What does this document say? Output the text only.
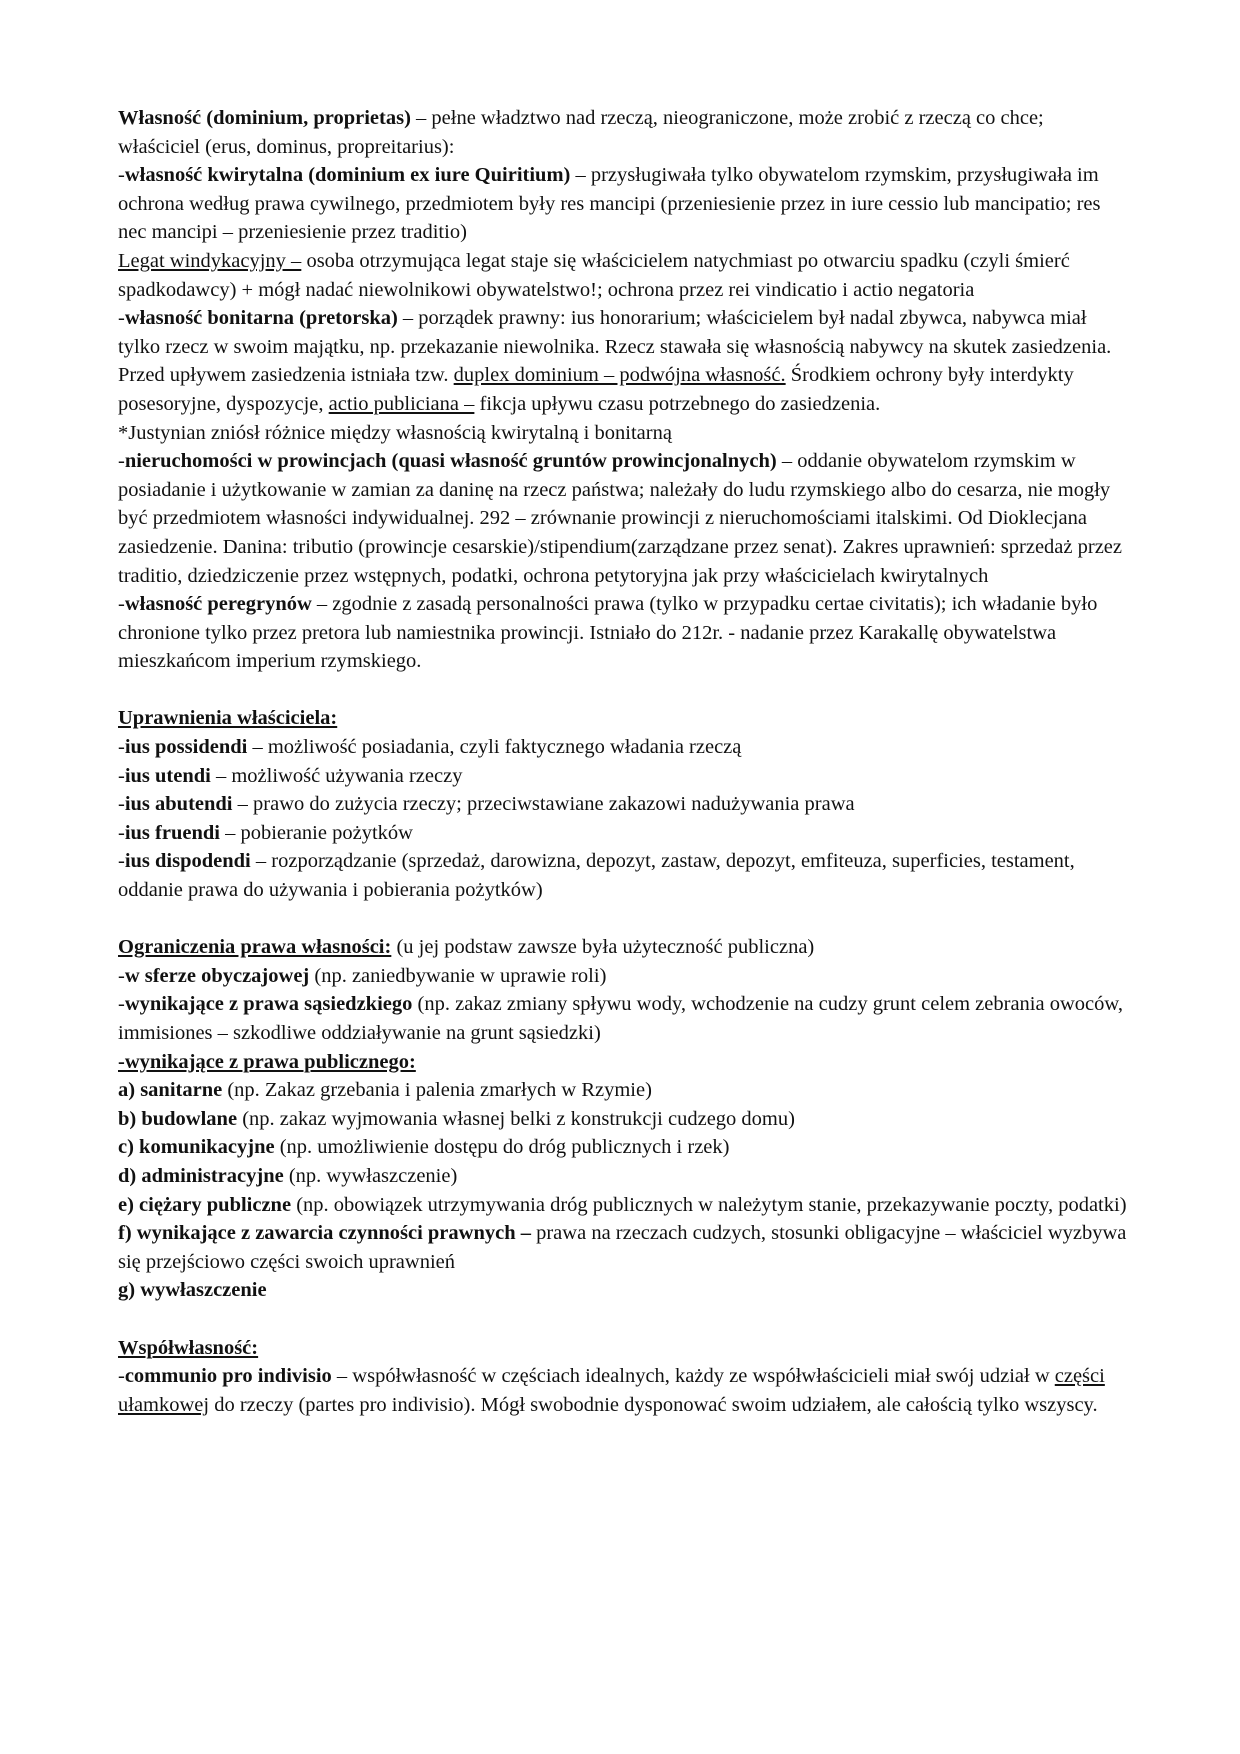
Własność (dominium, proprietas) – pełne władztwo nad rzeczą, nieograniczone, może zrobić z rzeczą co chce; właściciel (erus, dominus, propreitarius):

-własność kwirytalna (dominium ex iure Quiritium) – przysługiwała tylko obywatelom rzymskim, przysługiwała im ochrona według prawa cywilnego, przedmiotem były res mancipi (przeniesienie przez in iure cessio lub mancipatio; res nec mancipi – przeniesienie przez traditio)

Legat windykacyjny – osoba otrzymująca legat staje się właścicielem natychmiast po otwarciu spadku (czyli śmierć spadkodawcy) + mógł nadać niewolnikowi obywatelstwo!; ochrona przez rei vindicatio i actio negatoria

-własność bonitarna (pretorska) – porządek prawny: ius honorarium; właścicielem był nadal zbywca, nabywca miał tylko rzecz w swoim majątku, np. przekazanie niewolnika. Rzecz stawała się własnością nabywcy na skutek zasiedzenia. Przed upływem zasiedzenia istniała tzw. duplex dominium – podwójna własność. Środkiem ochrony były interdykty posesoryjne, dyspozycje, actio publiciana – fikcja upływu czasu potrzebnego do zasiedzenia.

*Justynian zniósł różnice między własnością kwirytalną i bonitarną

-nieruchomości w prowincjach (quasi własność gruntów prowincjonalnych) – oddanie obywatelom rzymskim w posiadanie i użytkowanie w zamian za daninę na rzecz państwa; należały do ludu rzymskiego albo do cesarza, nie mogły być przedmiotem własności indywidualnej. 292 – zrównanie prowincji z nieruchomościami italskimi. Od Dioklecjana zasiedzenie. Danina: tributio (prowincje cesarskie)/stipendium(zarządzane przez senat). Zakres uprawnień: sprzedaż przez traditio, dziedziczenie przez wstępnych, podatki, ochrona petytoryjna jak przy właścicielach kwirytalnych

-własność peregrynów – zgodnie z zasadą personalności prawa (tylko w przypadku certae civitatis); ich władanie było chronione tylko przez pretora lub namiestnika prowincji. Istniało do 212r. - nadanie przez Karakallę obywatelstwa mieszkańcom imperium rzymskiego.

Uprawnienia właściciela:

-ius possidendi – możliwość posiadania, czyli faktycznego władania rzeczą

-ius utendi – możliwość używania rzeczy

-ius abutendi – prawo do zużycia rzeczy; przeciwstawiane zakazowi nadużywania prawa

-ius fruendi – pobieranie pożytków

-ius dispodendi – rozporządzanie (sprzedaż, darowizna, depozyt, zastaw, depozyt, emfiteuza, superficies, testament, oddanie prawa do używania i pobierania pożytków)

Ograniczenia prawa własności: (u jej podstaw zawsze była użyteczność publiczna)

-w sferze obyczajowej (np. zaniedbywanie w uprawie roli)

-wynikające z prawa sąsiedzkiego (np. zakaz zmiany spływu wody, wchodzenie na cudzy grunt celem zebrania owoców, immisiones – szkodliwe oddziaływanie na grunt sąsiedzki)

-wynikające z prawa publicznego:

a) sanitarne (np. Zakaz grzebania i palenia zmarłych w Rzymie)

b) budowlane (np. zakaz wyjmowania własnej belki z konstrukcji cudzego domu)

c) komunikacyjne (np. umożliwienie dostępu do dróg publicznych i rzek)

d) administracyjne (np. wywłaszczenie)

e) ciężary publiczne (np. obowiązek utrzymywania dróg publicznych w należytym stanie, przekazywanie poczty, podatki)

f) wynikające z zawarcia czynności prawnych – prawa na rzeczach cudzych, stosunki obligacyjne – właściciel wyzbywa się przejściowo części swoich uprawnień

g) wywłaszczenie

Współwłasność:

-communio pro indivisio – współwłasność w częściach idealnych, każdy ze współwłaścicieli miał swój udział w części ułamkowej do rzeczy (partes pro indivisio). Mógł swobodnie dysponować swoim udziałem, ale całością tylko wszyscy.
